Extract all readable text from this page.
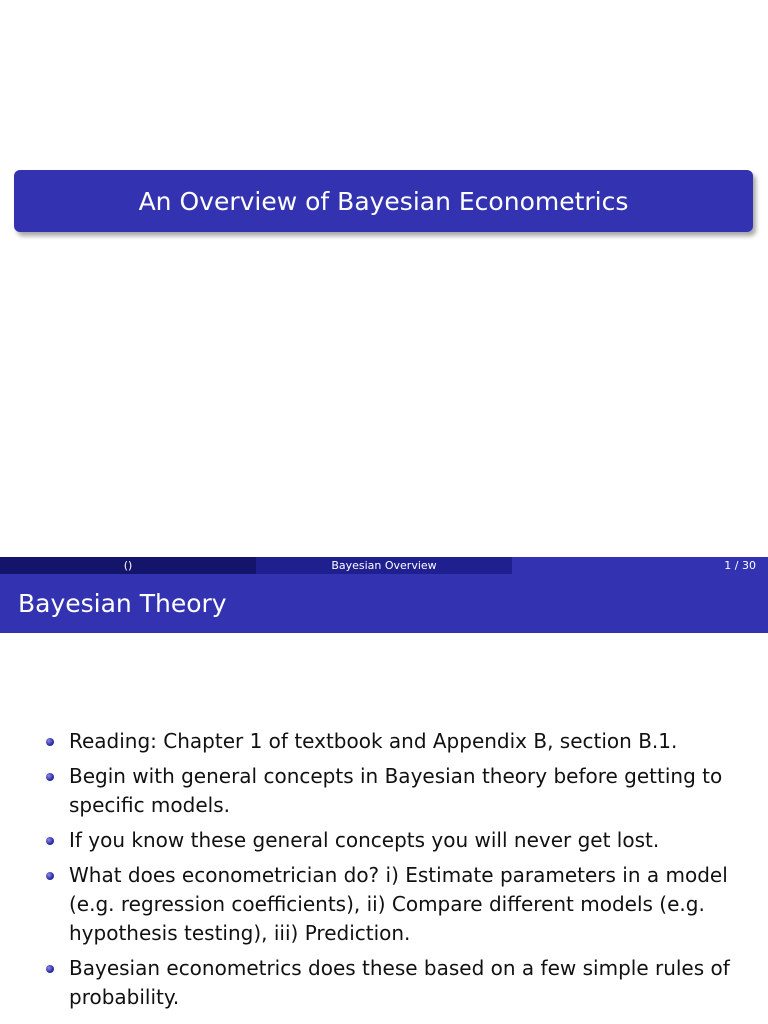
An Overview of Bayesian Econometrics
()	Bayesian Overview	1 / 30
Bayesian Theory
Reading: Chapter 1 of textbook and Appendix B, section B.1.
Begin with general concepts in Bayesian theory before getting to specific models.
If you know these general concepts you will never get lost.
What does econometrician do? i) Estimate parameters in a model (e.g. regression coefficients), ii) Compare different models (e.g. hypothesis testing), iii) Prediction.
Bayesian econometrics does these based on a few simple rules of probability.
